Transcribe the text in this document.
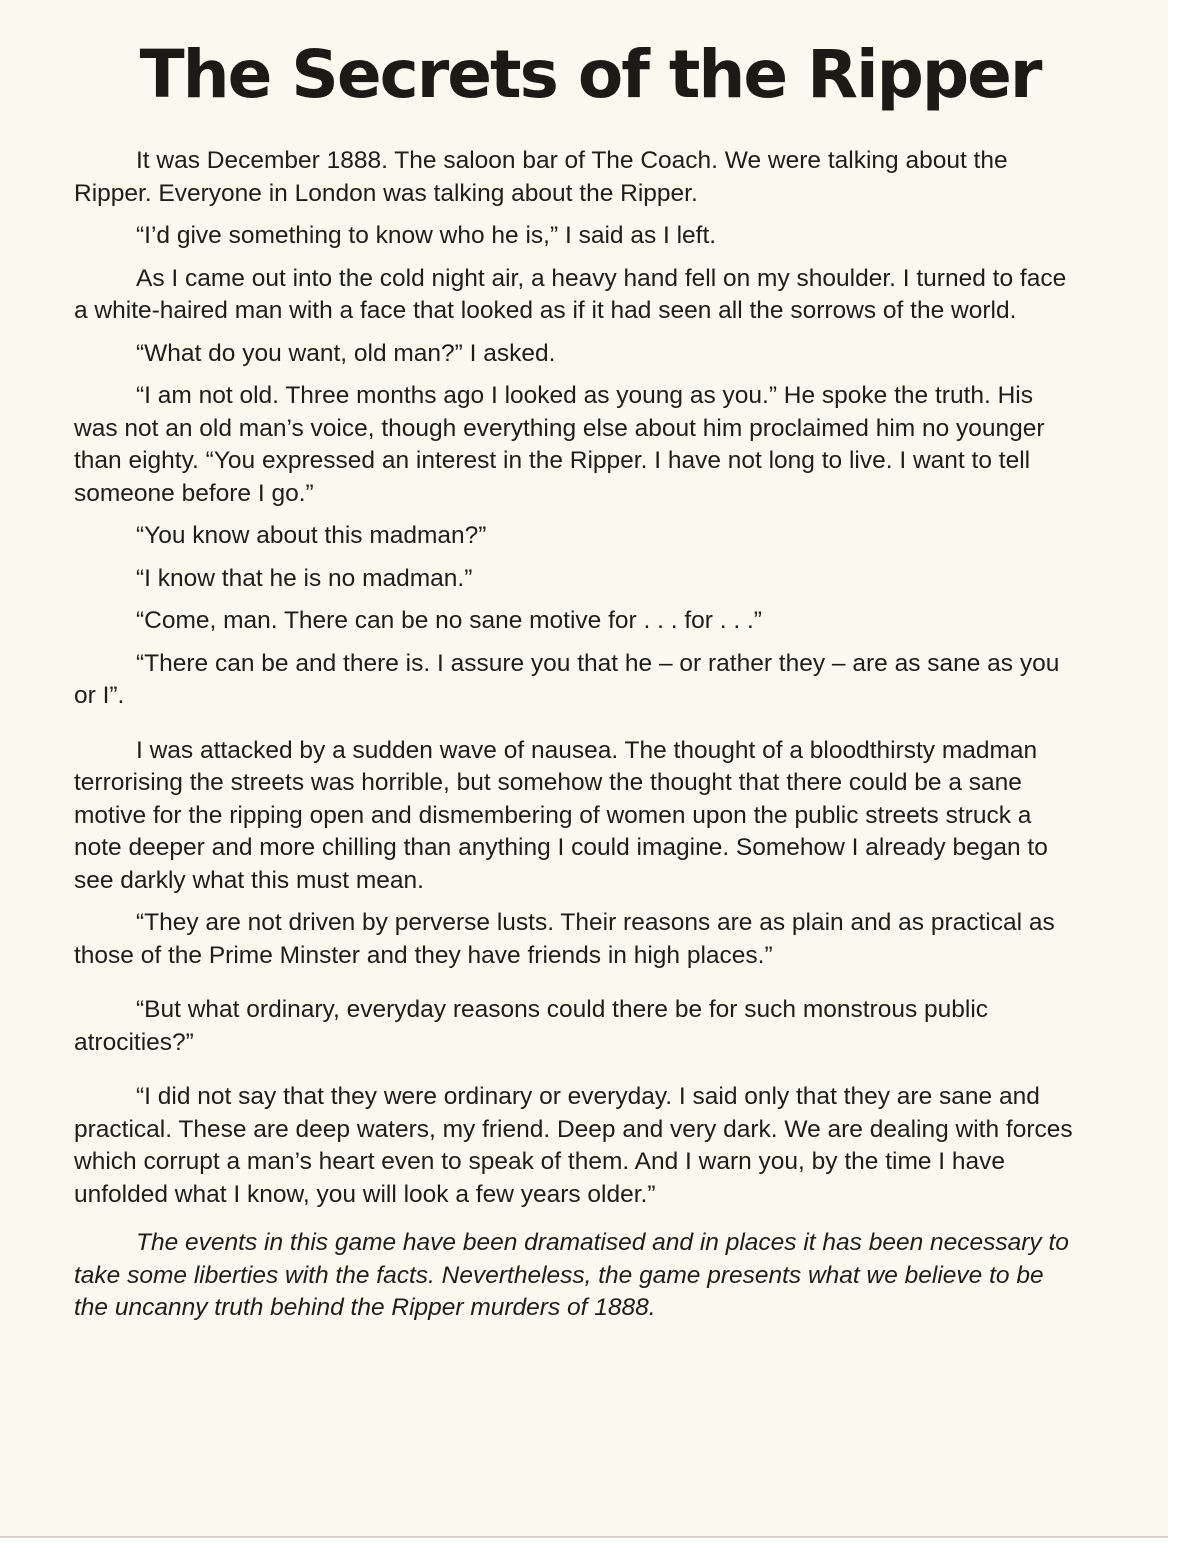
The Secrets of the Ripper

It was December 1888. The saloon bar of The Coach. We were talking about the Ripper. Everyone in London was talking about the Ripper.

“I’d give something to know who he is,” I said as I left.

As I came out into the cold night air, a heavy hand fell on my shoulder. I turned to face a white-haired man with a face that looked as if it had seen all the sorrows of the world.

“What do you want, old man?” I asked.

“I am not old. Three months ago I looked as young as you.” He spoke the truth. His was not an old man’s voice, though everything else about him proclaimed him no younger than eighty. “You expressed an interest in the Ripper. I have not long to live. I want to tell someone before I go.”

“You know about this madman?”

“I know that he is no madman.”

“Come, man. There can be no sane motive for . . . for . . .”

“There can be and there is. I assure you that he – or rather they – are as sane as you or I”.

I was attacked by a sudden wave of nausea. The thought of a bloodthirsty madman terrorising the streets was horrible, but somehow the thought that there could be a sane motive for the ripping open and dismembering of women upon the public streets struck a note deeper and more chilling than anything I could imagine. Somehow I already began to see darkly what this must mean.

“They are not driven by perverse lusts. Their reasons are as plain and as practical as those of the Prime Minster and they have friends in high places.”

“But what ordinary, everyday reasons could there be for such monstrous public atrocities?”

“I did not say that they were ordinary or everyday. I said only that they are sane and practical. These are deep waters, my friend. Deep and very dark. We are dealing with forces which corrupt a man’s heart even to speak of them. And I warn you, by the time I have unfolded what I know, you will look a few years older.”

The events in this game have been dramatised and in places it has been necessary to take some liberties with the facts. Nevertheless, the game presents what we believe to be the uncanny truth behind the Ripper murders of 1888.
